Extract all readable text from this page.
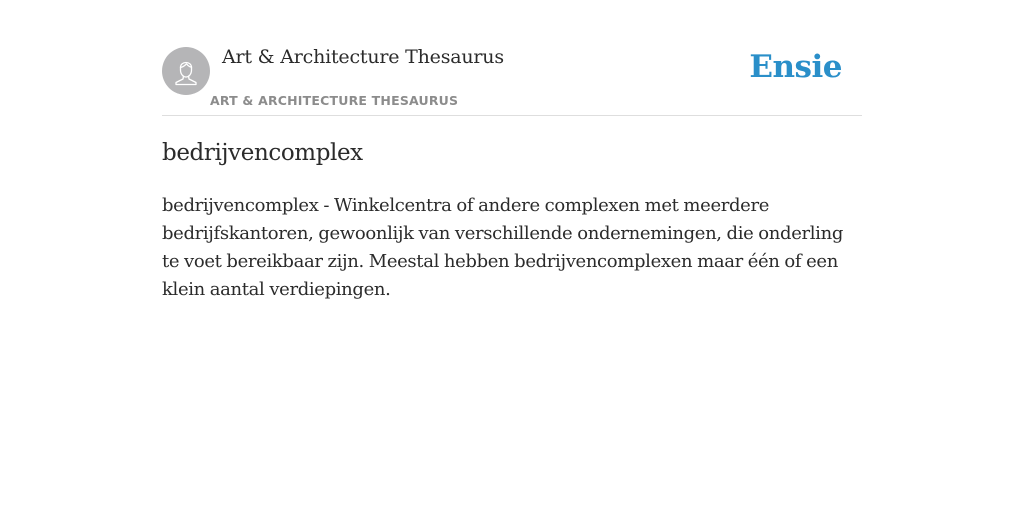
Art & Architecture Thesaurus
ART & ARCHITECTURE THESAURUS
Ensie
bedrijvencomplex

bedrijvencomplex - Winkelcentra of andere complexen met meerdere bedrijfskantoren, gewoonlijk van verschillende ondernemingen, die onderling te voet bereikbaar zijn. Meestal hebben bedrijvencomplexen maar één of een klein aantal verdiepingen.
